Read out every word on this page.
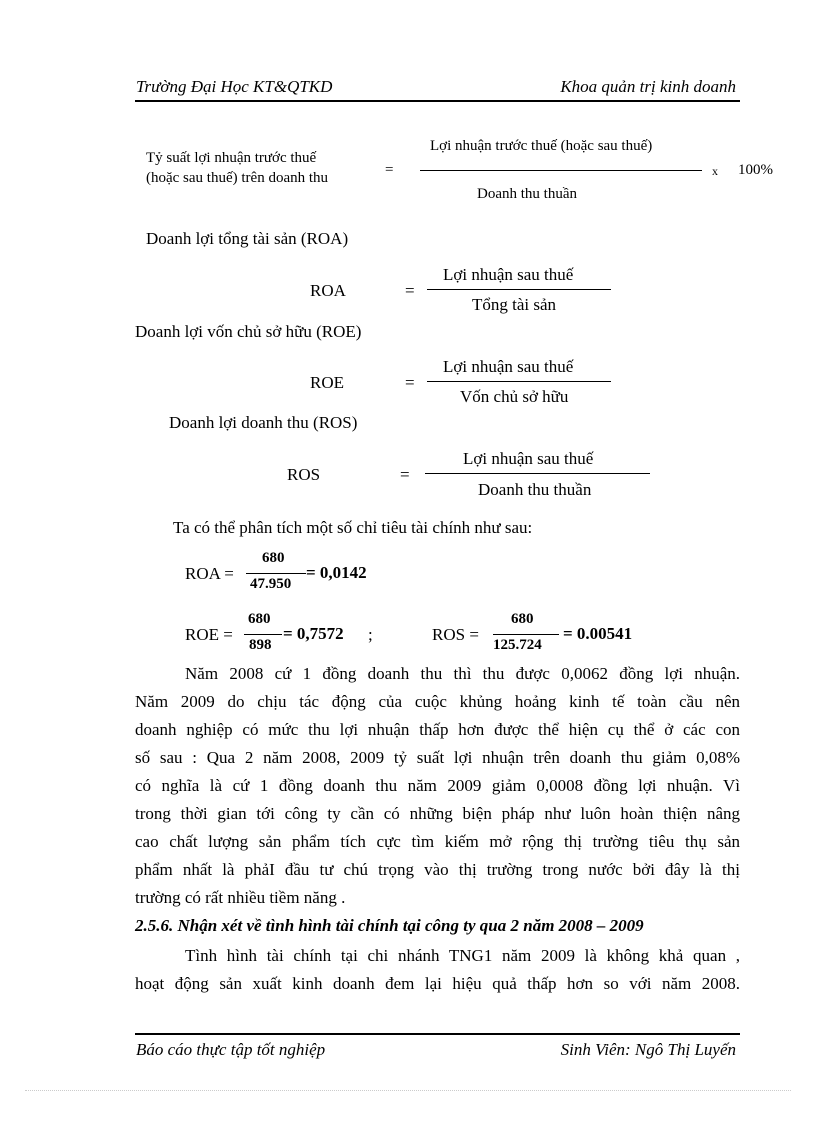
Trường Đại Học KT&QTKD	Khoa quản trị kinh doanh
Tỷ suất lợi nhuận trước thuế
(hoặc sau thuế) trên doanh thu	=
Lợi nhuận trước thuế (hoặc sau thuế)
Doanh thu thuần
x 100%
Doanh lợi tổng tài sản (ROA)
ROA	=
Lợi nhuận sau thuế
Tổng tài sản
Doanh lợi vốn chủ sở hữu (ROE)
ROE	=
Lợi nhuận sau thuế
Vốn chủ sở hữu
Doanh lợi doanh thu (ROS)
ROS	=
Lợi nhuận sau thuế
Doanh thu thuần
Ta có thể phân tích một số chỉ tiêu tài chính như sau:
ROA =
680
47.950
= 0,0142
ROE =
680
898
= 0,7572 ;	ROS =
680
125.724
= 0.00541
Năm 2008 cứ 1 đồng doanh thu thì thu được 0,0062 đồng lợi nhuận.
Năm 2009 do chịu tác động của cuộc khủng hoảng kinh tế toàn cầu nên
doanh nghiệp có mức thu lợi nhuận thấp hơn được thể hiện cụ thể ở các con
số sau : Qua 2 năm 2008, 2009 tỷ suất lợi nhuận trên doanh thu giảm 0,08%
có nghĩa là cứ 1 đồng doanh thu năm 2009 giảm 0,0008 đồng lợi nhuận. Vì
trong thời gian tới công ty cần có những biện pháp như luôn hoàn thiện nâng
cao chất lượng sản phẩm tích cực tìm kiếm mở rộng thị trường tiêu thụ sản
phẩm nhất là phảI đầu tư chú trọng vào thị trường trong nước bởi đây là thị
trường có rất nhiều tiềm năng .
2.5.6. Nhận xét về tình hình tài chính tại công ty qua 2 năm 2008 – 2009
Tình hình tài chính tại chi nhánh TNG1 năm 2009 là không khả quan ,
hoạt động sản xuất kinh doanh đem lại hiệu quả thấp hơn so với năm 2008.
Báo cáo thực tập tốt nghiệp	Sinh Viên: Ngô Thị Luyến
